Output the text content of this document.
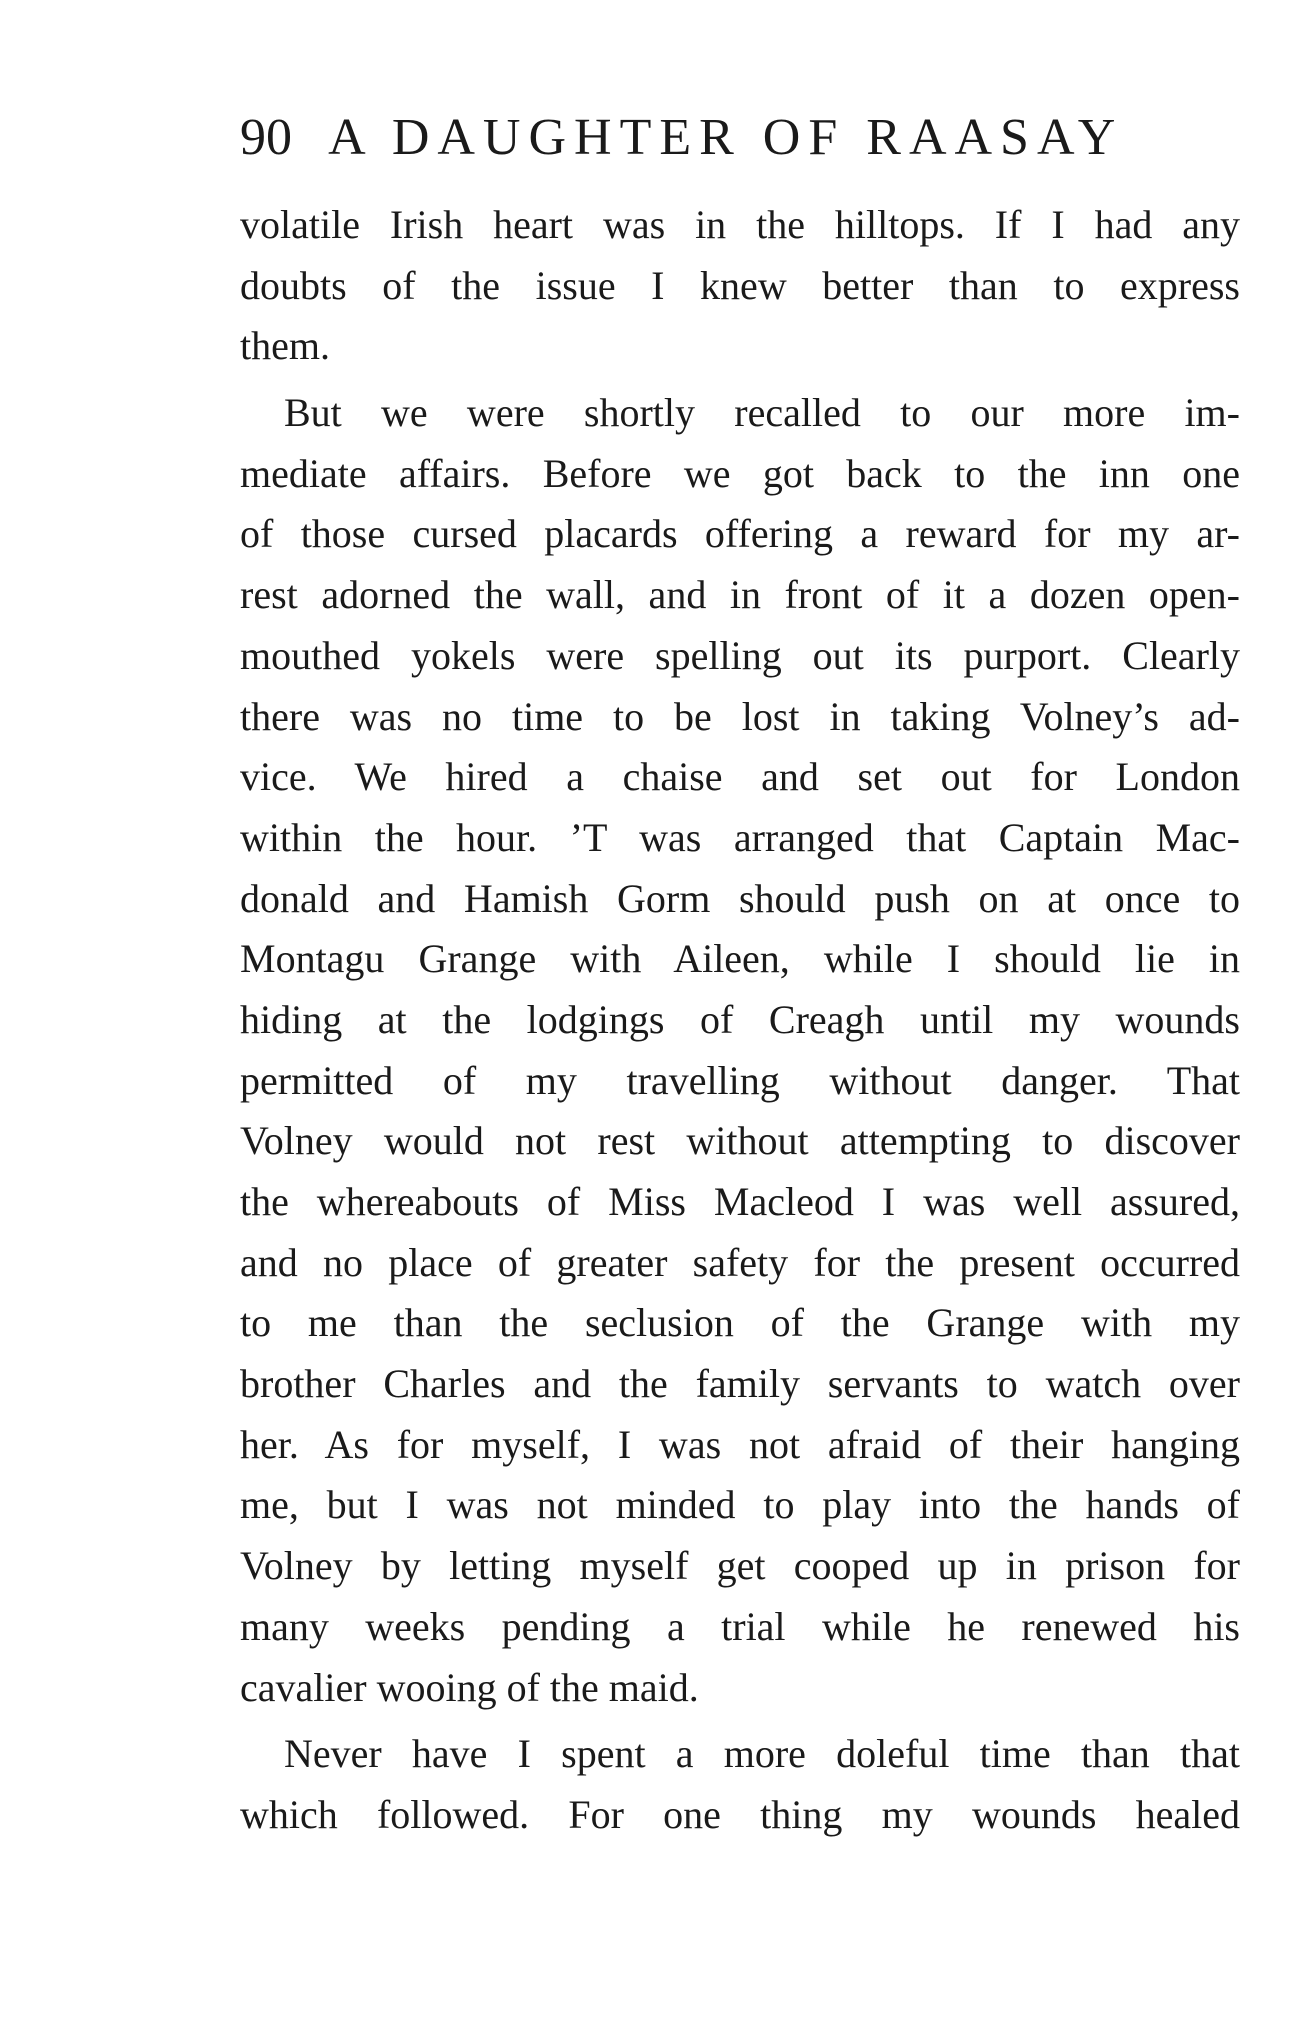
90 A DAUGHTER OF RAASAY
volatile Irish heart was in the hilltops. If I had any
doubts of the issue I knew better than to express
them.
But we were shortly recalled to our more im-
mediate affairs. Before we got back to the inn one
of those cursed placards offering a reward for my ar-
rest adorned the wall, and in front of it a dozen open-
mouthed yokels were spelling out its purport. Clearly
there was no time to be lost in taking Volney’s ad-
vice. We hired a chaise and set out for London
within the hour. ’T was arranged that Captain Mac-
donald and Hamish Gorm should push on at once to
Montagu Grange with Aileen, while I should lie in
hiding at the lodgings of Creagh until my wounds
permitted of my travelling without danger. That
Volney would not rest without attempting to discover
the whereabouts of Miss Macleod I was well assured,
and no place of greater safety for the present occurred
to me than the seclusion of the Grange with my
brother Charles and the family servants to watch over
her. As for myself, I was not afraid of their hanging
me, but I was not minded to play into the hands of
Volney by letting myself get cooped up in prison for
many weeks pending a trial while he renewed his
cavalier wooing of the maid.
Never have I spent a more doleful time than that
which followed. For one thing my wounds healed
